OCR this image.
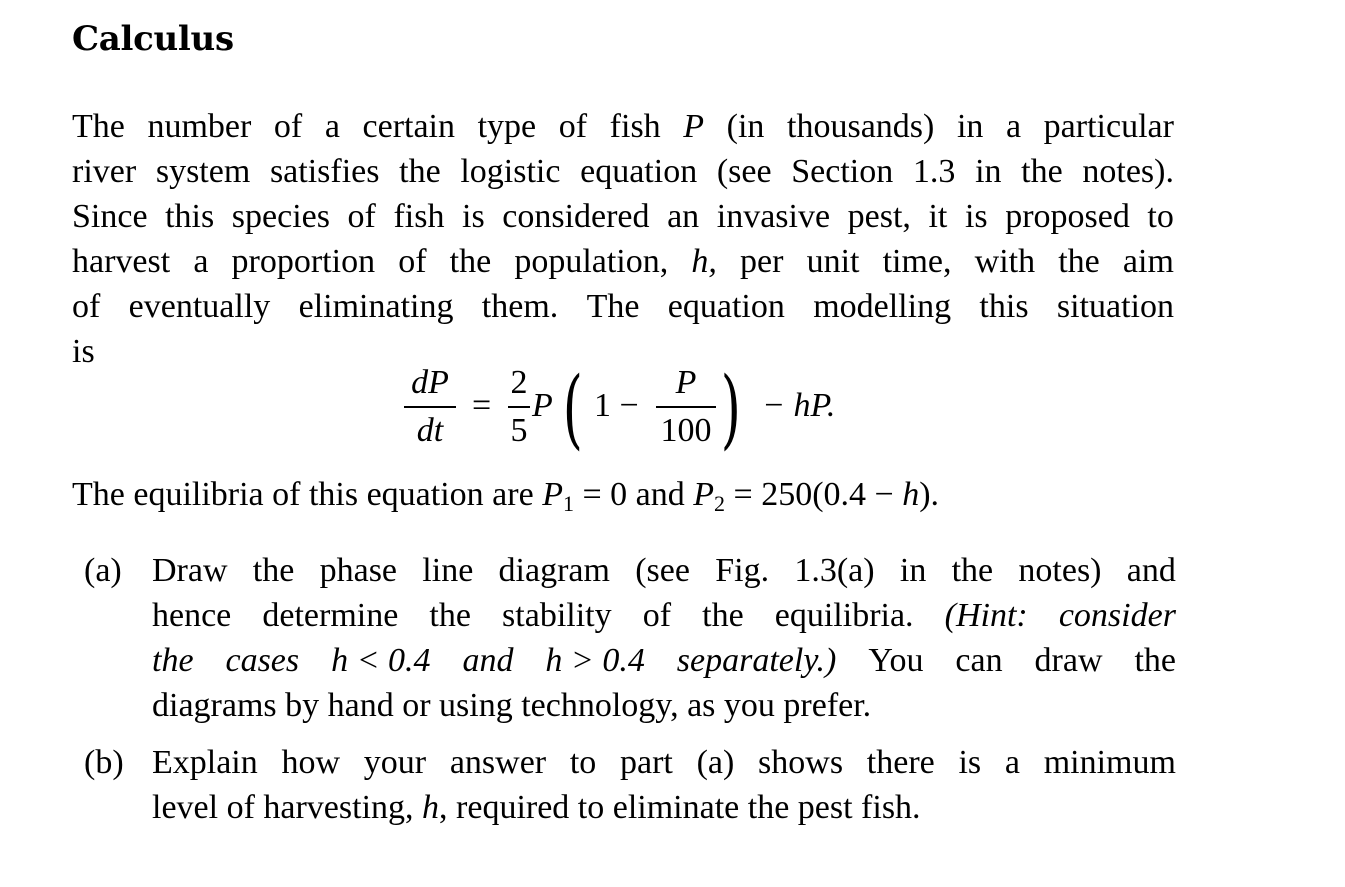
Calculus
The number of a certain type of fish P (in thousands) in a particular
river system satisfies the logistic equation (see Section 1.3 in the notes).
Since this species of fish is considered an invasive pest, it is proposed to
harvest a proportion of the population, h, per unit time, with the aim
of eventually eliminating them. The equation modelling this situation
is
dP
dt
=
2
5
P ( 1 −
P
100 ) − hP.
The equilibria of this equation are $P_1 = 0$ and $P_2 = 250(0.4 - h)$.
(a) Draw the phase line diagram (see Fig. 1.3(a) in the notes) and
hence determine the stability of the equilibria. (Hint: consider
the cases h < 0.4 and h > 0.4 separately.) You can draw the
diagrams by hand or using technology, as you prefer.
(b) Explain how your answer to part (a) shows there is a minimum
level of harvesting, h, required to eliminate the pest fish.
